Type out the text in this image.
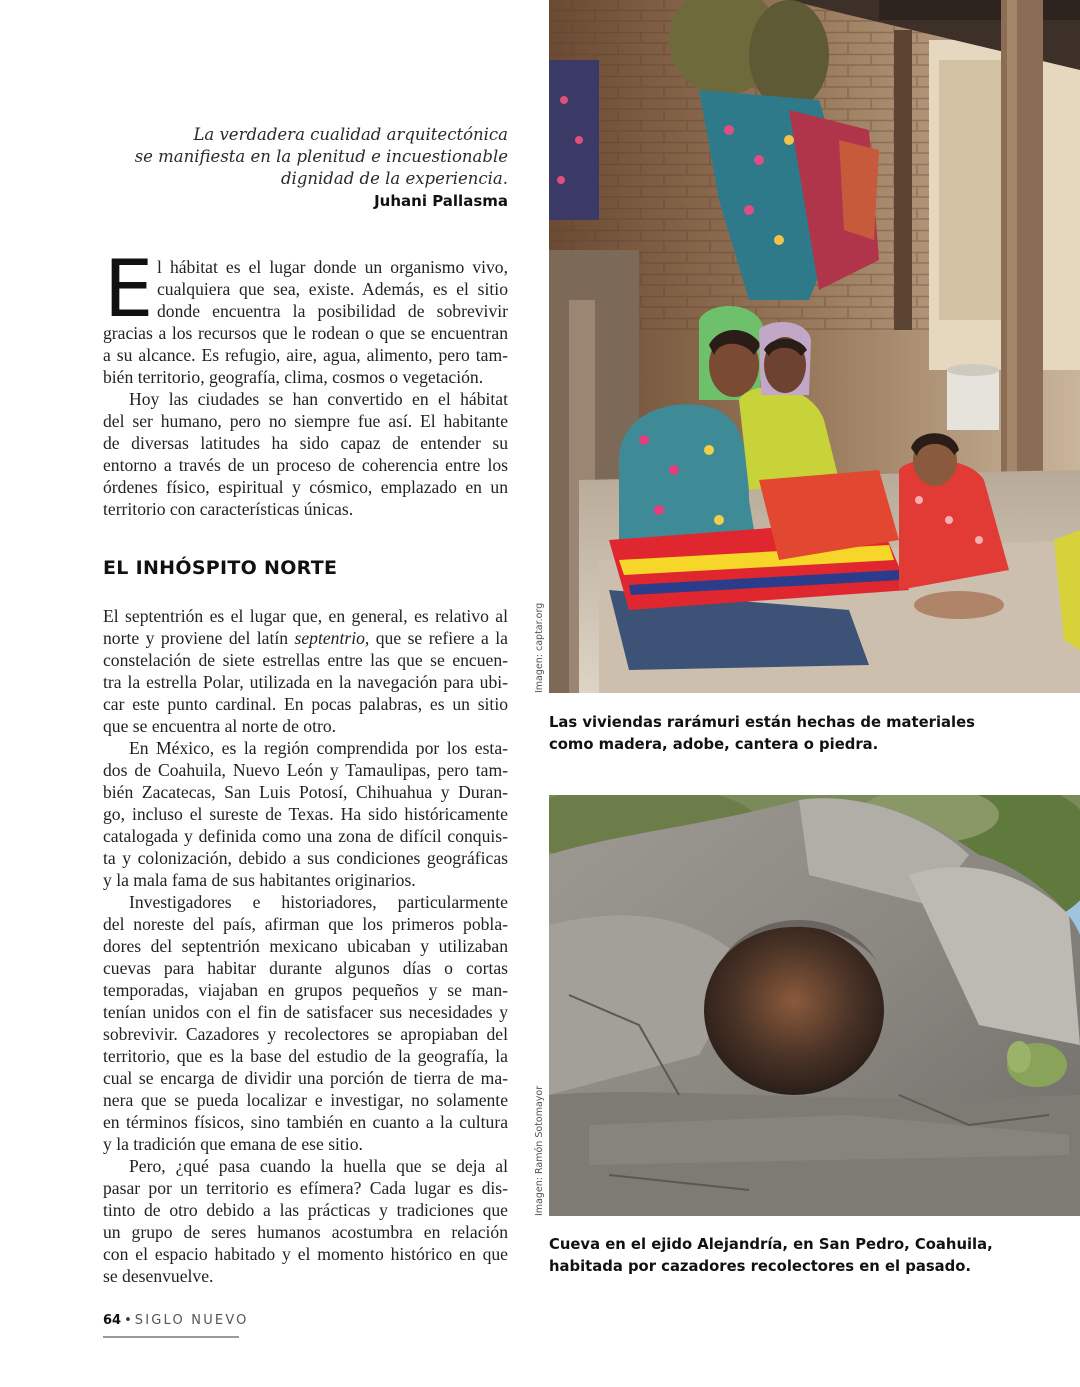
La verdadera cualidad arquitectónica
se manifiesta en la plenitud e incuestionable
dignidad de la experiencia.
Juhani Pallasma
E l hábitat es el lugar donde un organismo vivo,
cualquiera que sea, existe. Además, es el sitio
donde encuentra la posibilidad de sobrevivir
gracias a los recursos que le rodean o que se encuentran
a su alcance. Es refugio, aire, agua, alimento, pero tam-
bién territorio, geografía, clima, cosmos o vegetación.
Hoy las ciudades se han convertido en el hábitat
del ser humano, pero no siempre fue así. El habitante
de diversas latitudes ha sido capaz de entender su
entorno a través de un proceso de coherencia entre los
órdenes físico, espiritual y cósmico, emplazado en un
territorio con características únicas.
EL INHÓSPITO NORTE
El septentrión es el lugar que, en general, es relativo al
norte y proviene del latín septentrio, que se refiere a la
constelación de siete estrellas entre las que se encuen-
tra la estrella Polar, utilizada en la navegación para ubi-
car este punto cardinal. En pocas palabras, es un sitio
que se encuentra al norte de otro.
En México, es la región comprendida por los esta-
dos de Coahuila, Nuevo León y Tamaulipas, pero tam-
bién Zacatecas, San Luis Potosí, Chihuahua y Duran-
go, incluso el sureste de Texas. Ha sido históricamente
catalogada y definida como una zona de difícil conquis-
ta y colonización, debido a sus condiciones geográficas
y la mala fama de sus habitantes originarios.
Investigadores e historiadores, particularmente
del noreste del país, afirman que los primeros pobla-
dores del septentrión mexicano ubicaban y utilizaban
cuevas para habitar durante algunos días o cortas
temporadas, viajaban en grupos pequeños y se man-
tenían unidos con el fin de satisfacer sus necesidades y
sobrevivir. Cazadores y recolectores se apropiaban del
territorio, que es la base del estudio de la geografía, la
cual se encarga de dividir una porción de tierra de ma-
nera que se pueda localizar e investigar, no solamente
en términos físicos, sino también en cuanto a la cultura
y la tradición que emana de ese sitio.
Pero, ¿qué pasa cuando la huella que se deja al
pasar por un territorio es efímera? Cada lugar es dis-
tinto de otro debido a las prácticas y tradiciones que
un grupo de seres humanos acostumbra en relación
con el espacio habitado y el momento histórico en que
se desenvuelve.
Imagen: captar.org
Las viviendas rarámuri están hechas de materiales
como madera, adobe, cantera o piedra.
Imagen: Ramón Sotomayor
Cueva en el ejido Alejandría, en San Pedro, Coahuila,
habitada por cazadores recolectores en el pasado.
64 • SIGLO NUEVO
